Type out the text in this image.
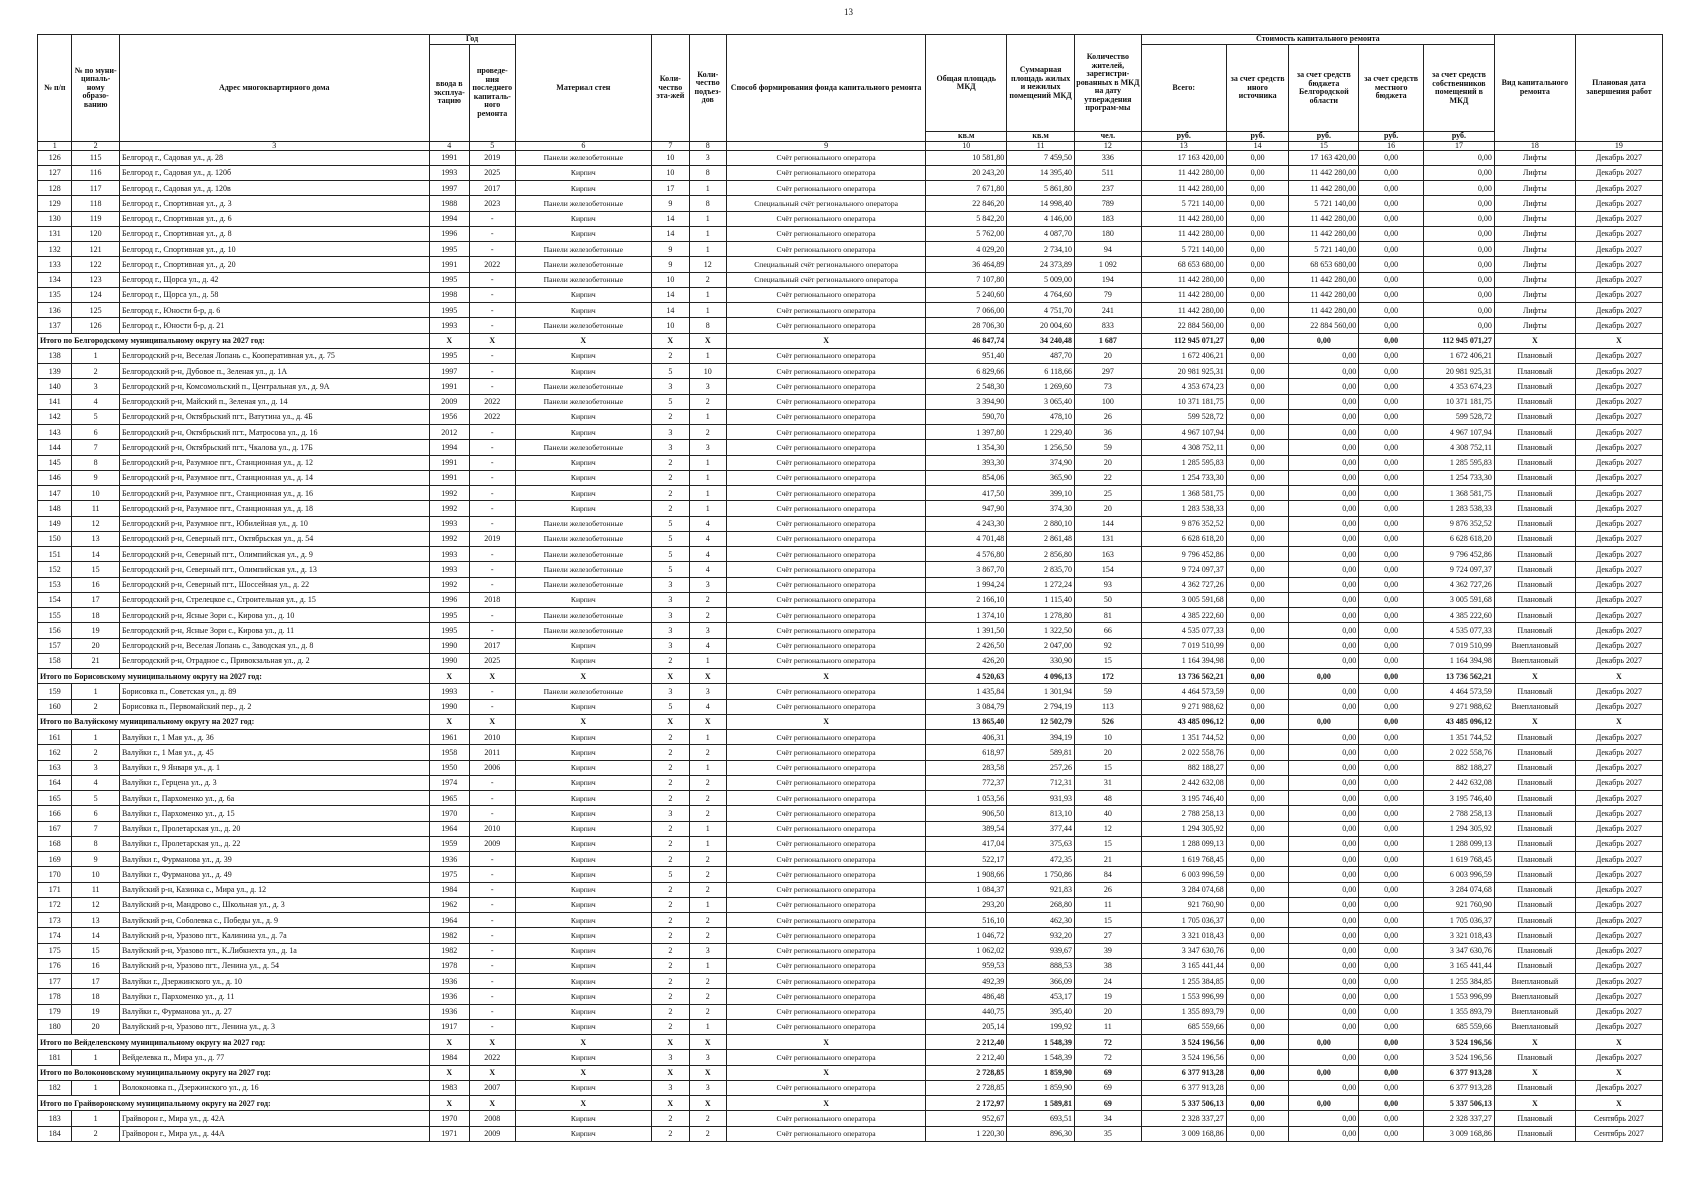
13
№ п/п	№ по муни-ципаль-ному образо-ванию	Адрес многоквартирного дома	Год		Материал стен	Коли-чество эта-жей	Коли-чество подъез-дов	Способ формирования фонда капитального ремонта	Общая площадь МКД	Суммарная площадь жилых и нежилых помещений МКД	Количество жителей, зарегистри-рованных в МКД на дату утверждения програм-мы	Стоимость капитального ремонта					Вид капитального ремонта	Плановая дата завершения работ
			ввода в эксплуа-тацию	проведе-ния последнего капиталь-ного ремонта								Всего:	за счет средств иного источника	за счет средств бюджета Белгородской области	за счет средств местного бюджета	за счет средств собственников помещений в МКД		
									кв.м	кв.м	чел.	руб.	руб.	руб.	руб.	руб.		
1	2	3	4	5	6	7	8	9	10	11	12	13	14	15	16	17	18	19
126	115	Белгород г., Садовая ул., д. 28	1991	2019	Панели железобетонные	10	3	Счёт регионального оператора	10 581,80	7 459,50	336	17 163 420,00	0,00	17 163 420,00	0,00	0,00	Лифты	Декабрь 2027
127	116	Белгород г., Садовая ул., д. 120б	1993	2025	Кирпич	10	8	Счёт регионального оператора	20 243,20	14 395,40	511	11 442 280,00	0,00	11 442 280,00	0,00	0,00	Лифты	Декабрь 2027
128	117	Белгород г., Садовая ул., д. 120в	1997	2017	Кирпич	17	1	Счёт регионального оператора	7 671,80	5 861,80	237	11 442 280,00	0,00	11 442 280,00	0,00	0,00	Лифты	Декабрь 2027
129	118	Белгород г., Спортивная ул., д. 3	1988	2023	Панели железобетонные	9	8	Специальный счёт регионального оператора	22 846,20	14 998,40	789	5 721 140,00	0,00	5 721 140,00	0,00	0,00	Лифты	Декабрь 2027
130	119	Белгород г., Спортивная ул., д. 6	1994	-	Кирпич	14	1	Счёт регионального оператора	5 842,20	4 146,00	183	11 442 280,00	0,00	11 442 280,00	0,00	0,00	Лифты	Декабрь 2027
131	120	Белгород г., Спортивная ул., д. 8	1996	-	Кирпич	14	1	Счёт регионального оператора	5 762,00	4 087,70	180	11 442 280,00	0,00	11 442 280,00	0,00	0,00	Лифты	Декабрь 2027
132	121	Белгород г., Спортивная ул., д. 10	1995	-	Панели железобетонные	9	1	Счёт регионального оператора	4 029,20	2 734,10	94	5 721 140,00	0,00	5 721 140,00	0,00	0,00	Лифты	Декабрь 2027
133	122	Белгород г., Спортивная ул., д. 20	1991	2022	Панели железобетонные	9	12	Специальный счёт регионального оператора	36 464,89	24 373,89	1 092	68 653 680,00	0,00	68 653 680,00	0,00	0,00	Лифты	Декабрь 2027
134	123	Белгород г., Щорса ул., д. 42	1995	-	Панели железобетонные	10	2	Специальный счёт регионального оператора	7 107,80	5 009,00	194	11 442 280,00	0,00	11 442 280,00	0,00	0,00	Лифты	Декабрь 2027
135	124	Белгород г., Щорса ул., д. 58	1998	-	Кирпич	14	1	Счёт регионального оператора	5 240,60	4 764,60	79	11 442 280,00	0,00	11 442 280,00	0,00	0,00	Лифты	Декабрь 2027
136	125	Белгород г., Юности б-р, д. 6	1995	-	Кирпич	14	1	Счёт регионального оператора	7 066,00	4 751,70	241	11 442 280,00	0,00	11 442 280,00	0,00	0,00	Лифты	Декабрь 2027
137	126	Белгород г., Юности б-р, д. 21	1993	-	Панели железобетонные	10	8	Счёт регионального оператора	28 706,30	20 004,60	833	22 884 560,00	0,00	22 884 560,00	0,00	0,00	Лифты	Декабрь 2027
Итого по Белгородскому муниципальному округу на 2027 год:			X	X	X	X	X	X	46 847,74	34 240,48	1 687	112 945 071,27	0,00	0,00	0,00	112 945 071,27	X	X
138	1	Белгородский р-н, Веселая Лопань с., Кооперативная ул., д. 75	1995	-	Кирпич	2	1	Счёт регионального оператора	951,40	487,70	20	1 672 406,21	0,00	0,00	0,00	1 672 406,21	Плановый	Декабрь 2027
139	2	Белгородский р-н, Дубовое п., Зеленая ул., д. 1А	1997	-	Кирпич	5	10	Счёт регионального оператора	6 829,66	6 118,66	297	20 981 925,31	0,00	0,00	0,00	20 981 925,31	Плановый	Декабрь 2027
140	3	Белгородский р-н, Комсомольский п., Центральная ул., д. 9А	1991	-	Панели железобетонные	3	3	Счёт регионального оператора	2 548,30	1 269,60	73	4 353 674,23	0,00	0,00	0,00	4 353 674,23	Плановый	Декабрь 2027
141	4	Белгородский р-н, Майский п., Зеленая ул., д. 14	2009	2022	Панели железобетонные	5	2	Счёт регионального оператора	3 394,90	3 065,40	100	10 371 181,75	0,00	0,00	0,00	10 371 181,75	Плановый	Декабрь 2027
142	5	Белгородский р-н, Октябрьский пгт., Ватутина ул., д. 4Б	1956	2022	Кирпич	2	1	Счёт регионального оператора	590,70	478,10	26	599 528,72	0,00	0,00	0,00	599 528,72	Плановый	Декабрь 2027
143	6	Белгородский р-н, Октябрьский пгт., Матросова ул., д. 16	2012	-	Кирпич	3	2	Счёт регионального оператора	1 397,80	1 229,40	36	4 967 107,94	0,00	0,00	0,00	4 967 107,94	Плановый	Декабрь 2027
144	7	Белгородский р-н, Октябрьский пгт., Чкалова ул., д. 17Б	1994	-	Панели железобетонные	3	3	Счёт регионального оператора	1 354,30	1 256,50	59	4 308 752,11	0,00	0,00	0,00	4 308 752,11	Плановый	Декабрь 2027
145	8	Белгородский р-н, Разумное пгт., Станционная ул., д. 12	1991	-	Кирпич	2	1	Счёт регионального оператора	393,30	374,90	20	1 285 595,83	0,00	0,00	0,00	1 285 595,83	Плановый	Декабрь 2027
146	9	Белгородский р-н, Разумное пгт., Станционная ул., д. 14	1991	-	Кирпич	2	1	Счёт регионального оператора	854,06	365,90	22	1 254 733,30	0,00	0,00	0,00	1 254 733,30	Плановый	Декабрь 2027
147	10	Белгородский р-н, Разумное пгт., Станционная ул., д. 16	1992	-	Кирпич	2	1	Счёт регионального оператора	417,50	399,10	25	1 368 581,75	0,00	0,00	0,00	1 368 581,75	Плановый	Декабрь 2027
148	11	Белгородский р-н, Разумное пгт., Станционная ул., д. 18	1992	-	Кирпич	2	1	Счёт регионального оператора	947,90	374,30	20	1 283 538,33	0,00	0,00	0,00	1 283 538,33	Плановый	Декабрь 2027
149	12	Белгородский р-н, Разумное пгт., Юбилейная ул., д. 10	1993	-	Панели железобетонные	5	4	Счёт регионального оператора	4 243,30	2 880,10	144	9 876 352,52	0,00	0,00	0,00	9 876 352,52	Плановый	Декабрь 2027
150	13	Белгородский р-н, Северный пгт., Октябрьская ул., д. 54	1992	2019	Панели железобетонные	5	4	Счёт регионального оператора	4 701,48	2 861,48	131	6 628 618,20	0,00	0,00	0,00	6 628 618,20	Плановый	Декабрь 2027
151	14	Белгородский р-н, Северный пгт., Олимпийская ул., д. 9	1993	-	Панели железобетонные	5	4	Счёт регионального оператора	4 576,80	2 856,80	163	9 796 452,86	0,00	0,00	0,00	9 796 452,86	Плановый	Декабрь 2027
152	15	Белгородский р-н, Северный пгт., Олимпийская ул., д. 13	1993	-	Панели железобетонные	5	4	Счёт регионального оператора	3 867,70	2 835,70	154	9 724 097,37	0,00	0,00	0,00	9 724 097,37	Плановый	Декабрь 2027
153	16	Белгородский р-н, Северный пгт., Шоссейная ул., д. 22	1992	-	Панели железобетонные	3	3	Счёт регионального оператора	1 994,24	1 272,24	93	4 362 727,26	0,00	0,00	0,00	4 362 727,26	Плановый	Декабрь 2027
154	17	Белгородский р-н, Стрелецкое с., Строительная ул., д. 15	1996	2018	Кирпич	3	2	Счёт регионального оператора	2 166,10	1 115,40	50	3 005 591,68	0,00	0,00	0,00	3 005 591,68	Плановый	Декабрь 2027
155	18	Белгородский р-н, Ясные Зори с., Кирова ул., д. 10	1995	-	Панели железобетонные	3	2	Счёт регионального оператора	1 374,10	1 278,80	81	4 385 222,60	0,00	0,00	0,00	4 385 222,60	Плановый	Декабрь 2027
156	19	Белгородский р-н, Ясные Зори с., Кирова ул., д. 11	1995	-	Панели железобетонные	3	3	Счёт регионального оператора	1 391,50	1 322,50	66	4 535 077,33	0,00	0,00	0,00	4 535 077,33	Плановый	Декабрь 2027
157	20	Белгородский р-н, Веселая Лопань с., Заводская ул., д. 8	1990	2017	Кирпич	3	4	Счёт регионального оператора	2 426,50	2 047,00	92	7 019 510,99	0,00	0,00	0,00	7 019 510,99	Внеплановый	Декабрь 2027
158	21	Белгородский р-н, Отрадное с., Привокзальная ул., д. 2	1990	2025	Кирпич	2	1	Счёт регионального оператора	426,20	330,90	15	1 164 394,98	0,00	0,00	0,00	1 164 394,98	Внеплановый	Декабрь 2027
Итого по Борисовскому муниципальному округу на 2027 год:			X	X	X	X	X	X	4 520,63	4 096,13	172	13 736 562,21	0,00	0,00	0,00	13 736 562,21	X	X
159	1	Борисовка п., Советская ул., д. 89	1993	-	Панели железобетонные	3	3	Счёт регионального оператора	1 435,84	1 301,94	59	4 464 573,59	0,00	0,00	0,00	4 464 573,59	Плановый	Декабрь 2027
160	2	Борисовка п., Первомайский пер., д. 2	1990	-	Кирпич	5	4	Счёт регионального оператора	3 084,79	2 794,19	113	9 271 988,62	0,00	0,00	0,00	9 271 988,62	Внеплановый	Декабрь 2027
Итого по Валуйскому муниципальному округу на 2027 год:			X	X	X	X	X	X	13 865,40	12 502,79	526	43 485 096,12	0,00	0,00	0,00	43 485 096,12	X	X
161	1	Валуйки г., 1 Мая ул., д. 36	1961	2010	Кирпич	2	1	Счёт регионального оператора	406,31	394,19	10	1 351 744,52	0,00	0,00	0,00	1 351 744,52	Плановый	Декабрь 2027
162	2	Валуйки г., 1 Мая ул., д. 45	1958	2011	Кирпич	2	2	Счёт регионального оператора	618,97	589,81	20	2 022 558,76	0,00	0,00	0,00	2 022 558,76	Плановый	Декабрь 2027
163	3	Валуйки г., 9 Января ул., д. 1	1950	2006	Кирпич	2	1	Счёт регионального оператора	283,58	257,26	15	882 188,27	0,00	0,00	0,00	882 188,27	Плановый	Декабрь 2027
164	4	Валуйки г., Герцена ул., д. 3	1974	-	Кирпич	2	2	Счёт регионального оператора	772,37	712,31	31	2 442 632,08	0,00	0,00	0,00	2 442 632,08	Плановый	Декабрь 2027
165	5	Валуйки г., Пархоменко ул., д. 6а	1965	-	Кирпич	2	2	Счёт регионального оператора	1 053,56	931,93	48	3 195 746,40	0,00	0,00	0,00	3 195 746,40	Плановый	Декабрь 2027
166	6	Валуйки г., Пархоменко ул., д. 15	1970	-	Кирпич	3	2	Счёт регионального оператора	906,50	813,10	40	2 788 258,13	0,00	0,00	0,00	2 788 258,13	Плановый	Декабрь 2027
167	7	Валуйки г., Пролетарская ул., д. 20	1964	2010	Кирпич	2	1	Счёт регионального оператора	389,54	377,44	12	1 294 305,92	0,00	0,00	0,00	1 294 305,92	Плановый	Декабрь 2027
168	8	Валуйки г., Пролетарская ул., д. 22	1959	2009	Кирпич	2	1	Счёт регионального оператора	417,04	375,63	15	1 288 099,13	0,00	0,00	0,00	1 288 099,13	Плановый	Декабрь 2027
169	9	Валуйки г., Фурманова ул., д. 39	1936	-	Кирпич	2	2	Счёт регионального оператора	522,17	472,35	21	1 619 768,45	0,00	0,00	0,00	1 619 768,45	Плановый	Декабрь 2027
170	10	Валуйки г., Фурманова ул., д. 49	1975	-	Кирпич	5	2	Счёт регионального оператора	1 908,66	1 750,86	84	6 003 996,59	0,00	0,00	0,00	6 003 996,59	Плановый	Декабрь 2027
171	11	Валуйский р-н, Казинка с., Мира ул., д. 12	1984	-	Кирпич	2	2	Счёт регионального оператора	1 084,37	921,83	26	3 284 074,68	0,00	0,00	0,00	3 284 074,68	Плановый	Декабрь 2027
172	12	Валуйский р-н, Мандрово с., Школьная ул., д. 3	1962	-	Кирпич	2	1	Счёт регионального оператора	293,20	268,80	11	921 760,90	0,00	0,00	0,00	921 760,90	Плановый	Декабрь 2027
173	13	Валуйский р-н, Соболевка с., Победы ул., д. 9	1964	-	Кирпич	2	2	Счёт регионального оператора	516,10	462,30	15	1 705 036,37	0,00	0,00	0,00	1 705 036,37	Плановый	Декабрь 2027
174	14	Валуйский р-н, Уразово пгт., Калинина ул., д. 7а	1982	-	Кирпич	2	2	Счёт регионального оператора	1 046,72	932,20	27	3 321 018,43	0,00	0,00	0,00	3 321 018,43	Плановый	Декабрь 2027
175	15	Валуйский р-н, Уразово пгт., К.Либкнехта ул., д. 1а	1982	-	Кирпич	2	3	Счёт регионального оператора	1 062,02	939,67	39	3 347 630,76	0,00	0,00	0,00	3 347 630,76	Плановый	Декабрь 2027
176	16	Валуйский р-н, Уразово пгт., Ленина ул., д. 54	1978	-	Кирпич	2	1	Счёт регионального оператора	959,53	888,53	38	3 165 441,44	0,00	0,00	0,00	3 165 441,44	Плановый	Декабрь 2027
177	17	Валуйки г., Дзержинского ул., д. 10	1936	-	Кирпич	2	2	Счёт регионального оператора	492,39	366,09	24	1 255 384,85	0,00	0,00	0,00	1 255 384,85	Внеплановый	Декабрь 2027
178	18	Валуйки г., Пархоменко ул., д. 11	1936	-	Кирпич	2	2	Счёт регионального оператора	486,48	453,17	19	1 553 996,99	0,00	0,00	0,00	1 553 996,99	Внеплановый	Декабрь 2027
179	19	Валуйки г., Фурманова ул., д. 27	1936	-	Кирпич	2	2	Счёт регионального оператора	440,75	395,40	20	1 355 893,79	0,00	0,00	0,00	1 355 893,79	Внеплановый	Декабрь 2027
180	20	Валуйский р-н, Уразово пгт., Ленина ул., д. 3	1917	-	Кирпич	2	1	Счёт регионального оператора	205,14	199,92	11	685 559,66	0,00	0,00	0,00	685 559,66	Внеплановый	Декабрь 2027
Итого по Вейделевскому муниципальному округу на 2027 год:			X	X	X	X	X	X	2 212,40	1 548,39	72	3 524 196,56	0,00	0,00	0,00	3 524 196,56	X	X
181	1	Вейделевка п., Мира ул., д. 77	1984	2022	Кирпич	3	3	Счёт регионального оператора	2 212,40	1 548,39	72	3 524 196,56	0,00	0,00	0,00	3 524 196,56	Плановый	Декабрь 2027
Итого по Волоконовскому муниципальному округу на 2027 год:			X	X	X	X	X	X	2 728,85	1 859,90	69	6 377 913,28	0,00	0,00	0,00	6 377 913,28	X	X
182	1	Волоконовка п., Дзержинского ул., д. 16	1983	2007	Кирпич	3	3	Счёт регионального оператора	2 728,85	1 859,90	69	6 377 913,28	0,00	0,00	0,00	6 377 913,28	Плановый	Декабрь 2027
Итого по Грайворонскому муниципальному округу на 2027 год:			X	X	X	X	X	X	2 172,97	1 589,81	69	5 337 506,13	0,00	0,00	0,00	5 337 506,13	X	X
183	1	Грайворон г., Мира ул., д. 42А	1970	2008	Кирпич	2	2	Счёт регионального оператора	952,67	693,51	34	2 328 337,27	0,00	0,00	0,00	2 328 337,27	Плановый	Сентябрь 2027
184	2	Грайворон г., Мира ул., д. 44А	1971	2009	Кирпич	2	2	Счёт регионального оператора	1 220,30	896,30	35	3 009 168,86	0,00	0,00	0,00	3 009 168,86	Плановый	Сентябрь 2027
